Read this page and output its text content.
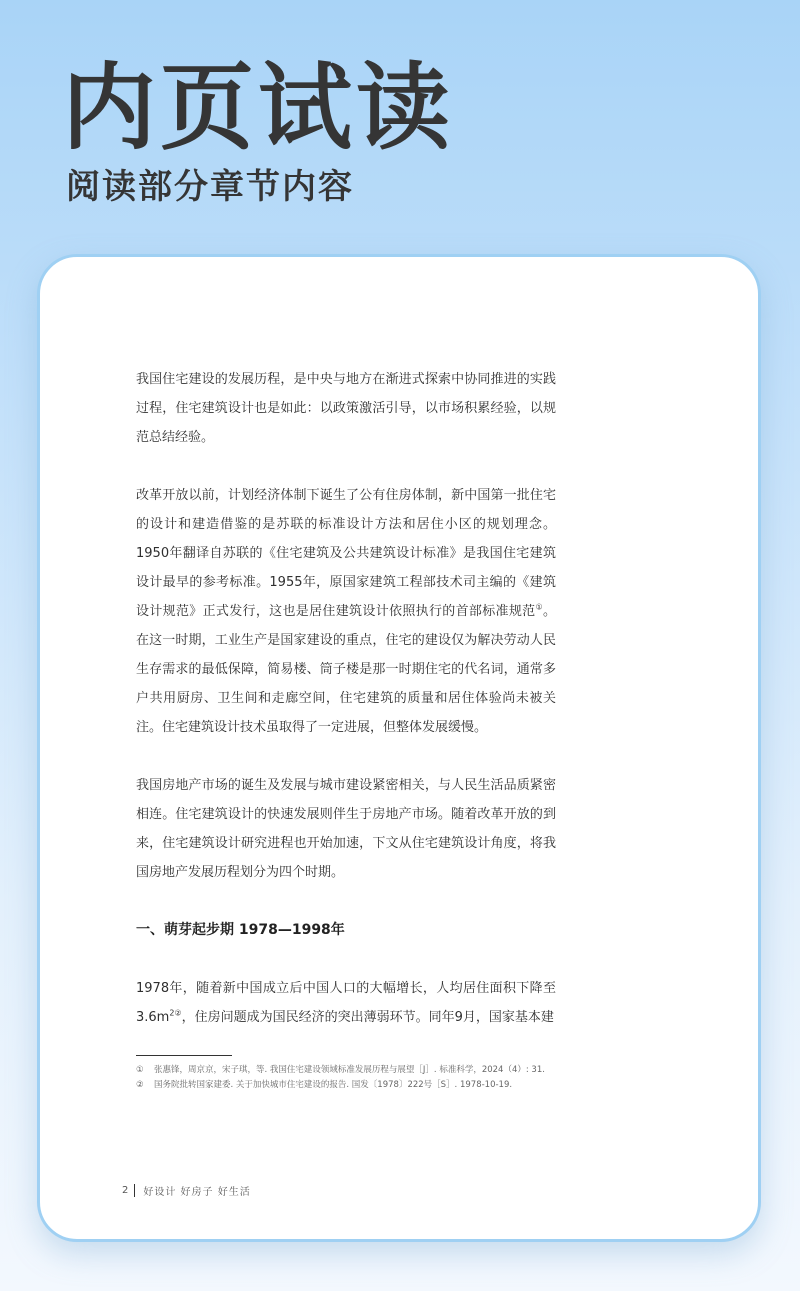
内页试读
阅读部分章节内容

我国住宅建设的发展历程，是中央与地方在渐进式探索中协同推进的实践过程，住宅建筑设计也是如此：以政策激活引导，以市场积累经验，以规范总结经验。

改革开放以前，计划经济体制下诞生了公有住房体制，新中国第一批住宅的设计和建造借鉴的是苏联的标准设计方法和居住小区的规划理念。1950年翻译自苏联的《住宅建筑及公共建筑设计标准》是我国住宅建筑设计最早的参考标准。1955年，原国家建筑工程部技术司主编的《建筑设计规范》正式发行，这也是居住建筑设计依照执行的首部标准规范①。在这一时期，工业生产是国家建设的重点，住宅的建设仅为解决劳动人民生存需求的最低保障，简易楼、筒子楼是那一时期住宅的代名词，通常多户共用厨房、卫生间和走廊空间，住宅建筑的质量和居住体验尚未被关注。住宅建筑设计技术虽取得了一定进展，但整体发展缓慢。

我国房地产市场的诞生及发展与城市建设紧密相关，与人民生活品质紧密相连。住宅建筑设计的快速发展则伴生于房地产市场。随着改革开放的到来，住宅建筑设计研究进程也开始加速，下文从住宅建筑设计角度，将我国房地产发展历程划分为四个时期。

一、萌芽起步期 1978—1998年

1978年，随着新中国成立后中国人口的大幅增长，人均居住面积下降至$3.6m^{2②}$，住房问题成为国民经济的突出薄弱环节。同年9月，国家基本建

①	张惠锋，周京京，宋子琪，等. 我国住宅建设领域标准发展历程与展望［J］. 标准科学，2024（4）: 31.
②	国务院批转国家建委. 关于加快城市住宅建设的报告. 国发〔1978〕222号［S］. 1978-10-19.
2 好设计 好房子 好生活
